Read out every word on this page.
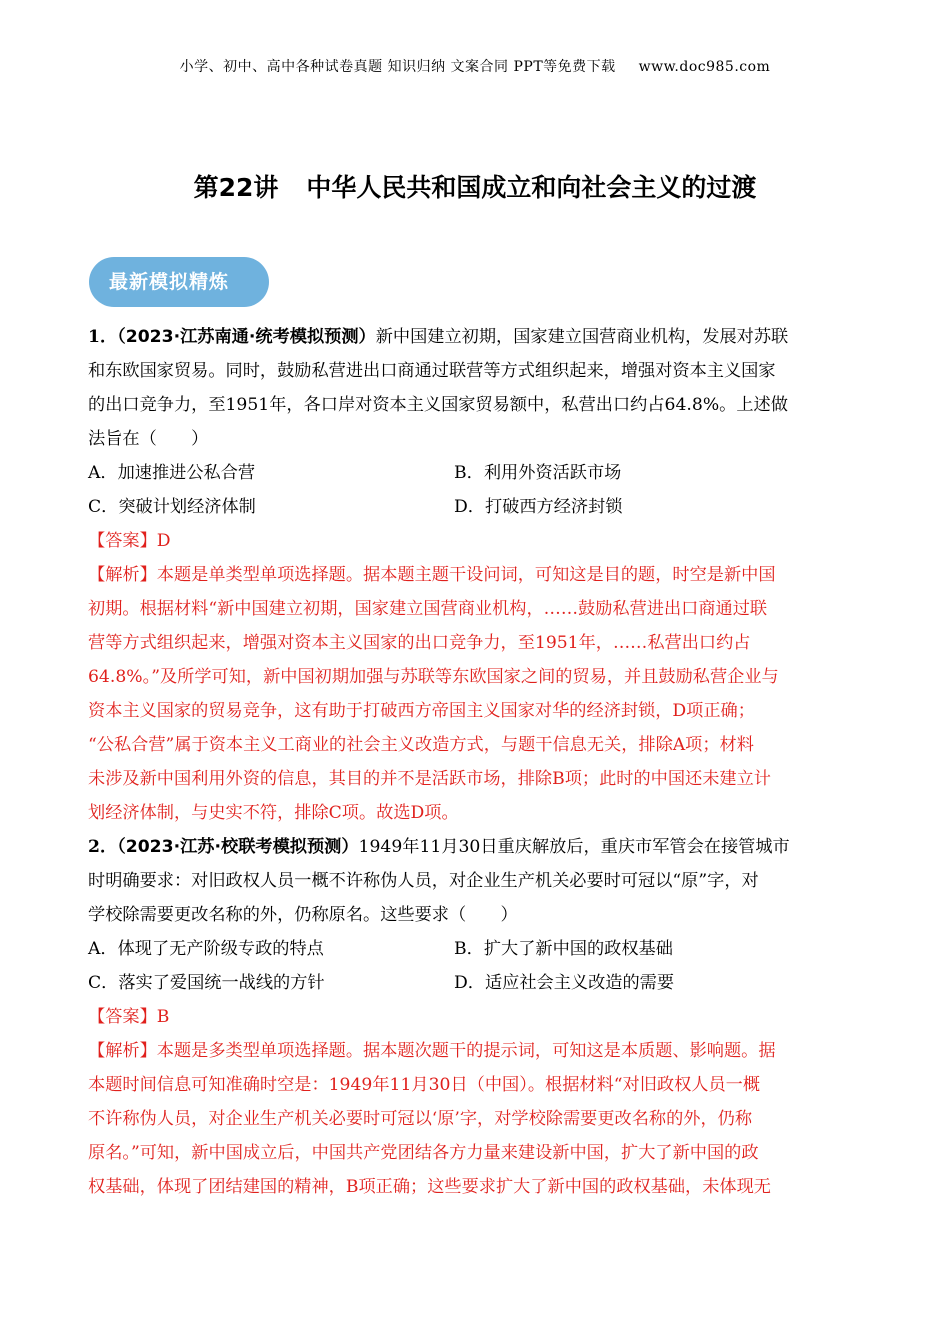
小学、初中、高中各种试卷真题 知识归纳 文案合同 PPT等免费下载 www.doc985.com
第22讲 中华人民共和国成立和向社会主义的过渡
最新模拟精炼
1．（2023·江苏南通·统考模拟预测）新中国建立初期，国家建立国营商业机构，发展对苏联
和东欧国家贸易。同时，鼓励私营进出口商通过联营等方式组织起来，增强对资本主义国家
的出口竞争力，至1951年，各口岸对资本主义国家贸易额中，私营出口约占64.8%。上述做
法旨在（　　）
A．加速推进公私合营	B．利用外资活跃市场
C．突破计划经济体制	D．打破西方经济封锁
【答案】D
【解析】本题是单类型单项选择题。据本题主题干设问词，可知这是目的题，时空是新中国
初期。根据材料“新中国建立初期，国家建立国营商业机构，……鼓励私营进出口商通过联
营等方式组织起来，增强对资本主义国家的出口竞争力，至1951年，……私营出口约占
64.8%。”及所学可知，新中国初期加强与苏联等东欧国家之间的贸易，并且鼓励私营企业与
资本主义国家的贸易竞争，这有助于打破西方帝国主义国家对华的经济封锁，D项正确；
“公私合营”属于资本主义工商业的社会主义改造方式，与题干信息无关，排除A项；材料
未涉及新中国利用外资的信息，其目的并不是活跃市场，排除B项；此时的中国还未建立计
划经济体制，与史实不符，排除C项。故选D项。
2．（2023·江苏·校联考模拟预测）1949年11月30日重庆解放后，重庆市军管会在接管城市
时明确要求：对旧政权人员一概不许称伪人员，对企业生产机关必要时可冠以“原”字，对
学校除需要更改名称的外，仍称原名。这些要求（　　）
A．体现了无产阶级专政的特点	B．扩大了新中国的政权基础
C．落实了爱国统一战线的方针	D．适应社会主义改造的需要
【答案】B
【解析】本题是多类型单项选择题。据本题次题干的提示词，可知这是本质题、影响题。据
本题时间信息可知准确时空是：1949年11月30日（中国）。根据材料“对旧政权人员一概
不许称伪人员，对企业生产机关必要时可冠以‘原’字，对学校除需要更改名称的外，仍称
原名。”可知，新中国成立后，中国共产党团结各方力量来建设新中国，扩大了新中国的政
权基础，体现了团结建国的精神，B项正确；这些要求扩大了新中国的政权基础，未体现无
